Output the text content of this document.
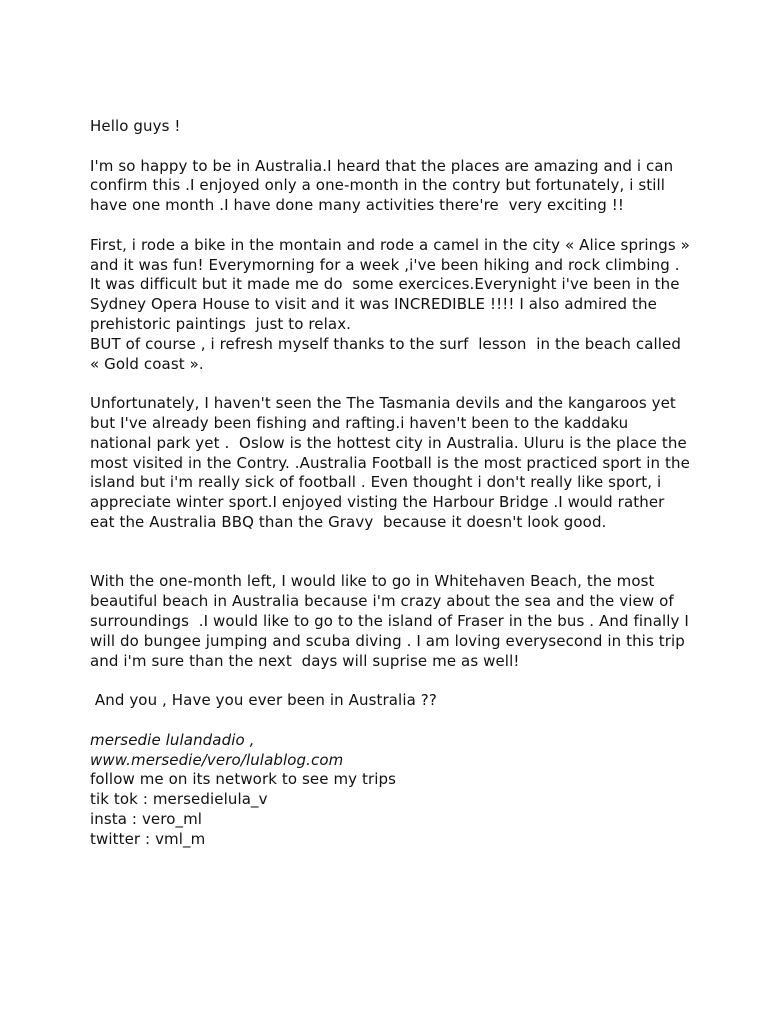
Hello guys !

I'm so happy to be in Australia.I heard that the places are amazing and i can confirm this .I enjoyed only a one-month in the contry but fortunately, i still have one month .I have done many activities there're  very exciting !!

First, i rode a bike in the montain and rode a camel in the city « Alice springs » and it was fun! Everymorning for a week ,i've been hiking and rock climbing . It was difficult but it made me do  some exercices.Everynight i've been in the Sydney Opera House to visit and it was INCREDIBLE !!!! I also admired the prehistoric paintings  just to relax.

BUT of course , i refresh myself thanks to the surf  lesson  in the beach called « Gold coast ».

Unfortunately, I haven't seen the The Tasmania devils and the kangaroos yet but I've already been fishing and rafting.i haven't been to the kaddaku national park yet .  Oslow is the hottest city in Australia. Uluru is the place the most visited in the Contry. .Australia Football is the most practiced sport in the island but i'm really sick of football . Even thought i don't really like sport, i appreciate winter sport.I enjoyed visting the Harbour Bridge .I would rather eat the Australia BBQ than the Gravy  because it doesn't look good.

With the one-month left, I would like to go in Whitehaven Beach, the most beautiful beach in Australia because i'm crazy about the sea and the view of surroundings  .I would like to go to the island of Fraser in the bus . And finally I will do bungee jumping and scuba diving . I am loving everysecond in this trip and i'm sure than the next  days will suprise me as well!

And you , Have you ever been in Australia ??

mersedie lulandadio ,

www.mersedie/vero/lulablog.com

follow me on its network to see my trips

tik tok : mersedielula_v

insta : vero_ml

twitter : vml_m
